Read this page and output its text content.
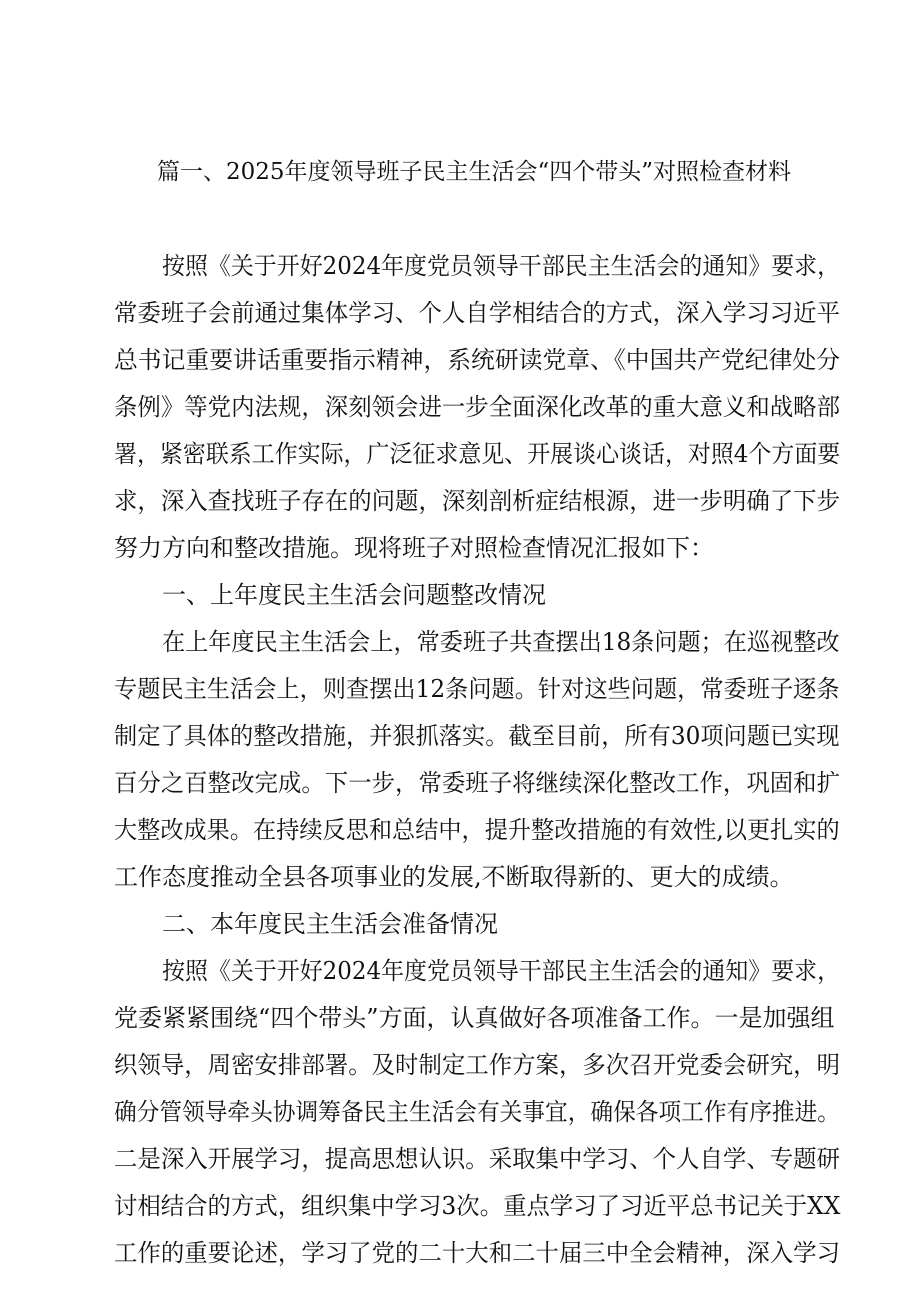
篇一、2025年度领导班子民主生活会“四个带头”对照检查材料
按照《关于开好2024年度党员领导干部民主生活会的通知》要求，
常委班子会前通过集体学习、个人自学相结合的方式，深入学习习近平
总书记重要讲话重要指示精神，系统研读党章、《中国共产党纪律处分
条例》等党内法规，深刻领会进一步全面深化改革的重大意义和战略部
署，紧密联系工作实际，广泛征求意见、开展谈心谈话，对照4个方面要
求，深入查找班子存在的问题，深刻剖析症结根源，进一步明确了下步
努力方向和整改措施。现将班子对照检查情况汇报如下：
一、上年度民主生活会问题整改情况
在上年度民主生活会上，常委班子共查摆出18条问题；在巡视整改
专题民主生活会上，则查摆出12条问题。针对这些问题，常委班子逐条
制定了具体的整改措施，并狠抓落实。截至目前，所有30项问题已实现
百分之百整改完成。下一步，常委班子将继续深化整改工作，巩固和扩
大整改成果。在持续反思和总结中，提升整改措施的有效性,以更扎实的
工作态度推动全县各项事业的发展,不断取得新的、更大的成绩。
二、本年度民主生活会准备情况
按照《关于开好2024年度党员领导干部民主生活会的通知》要求，
党委紧紧围绕“四个带头”方面，认真做好各项准备工作。一是加强组
织领导，周密安排部署。及时制定工作方案，多次召开党委会研究，明
确分管领导牵头协调筹备民主生活会有关事宜，确保各项工作有序推进。
二是深入开展学习，提高思想认识。采取集中学习、个人自学、专题研
讨相结合的方式，组织集中学习3次。重点学习了习近平总书记关于XX
工作的重要论述，学习了党的二十大和二十届三中全会精神，深入学习
